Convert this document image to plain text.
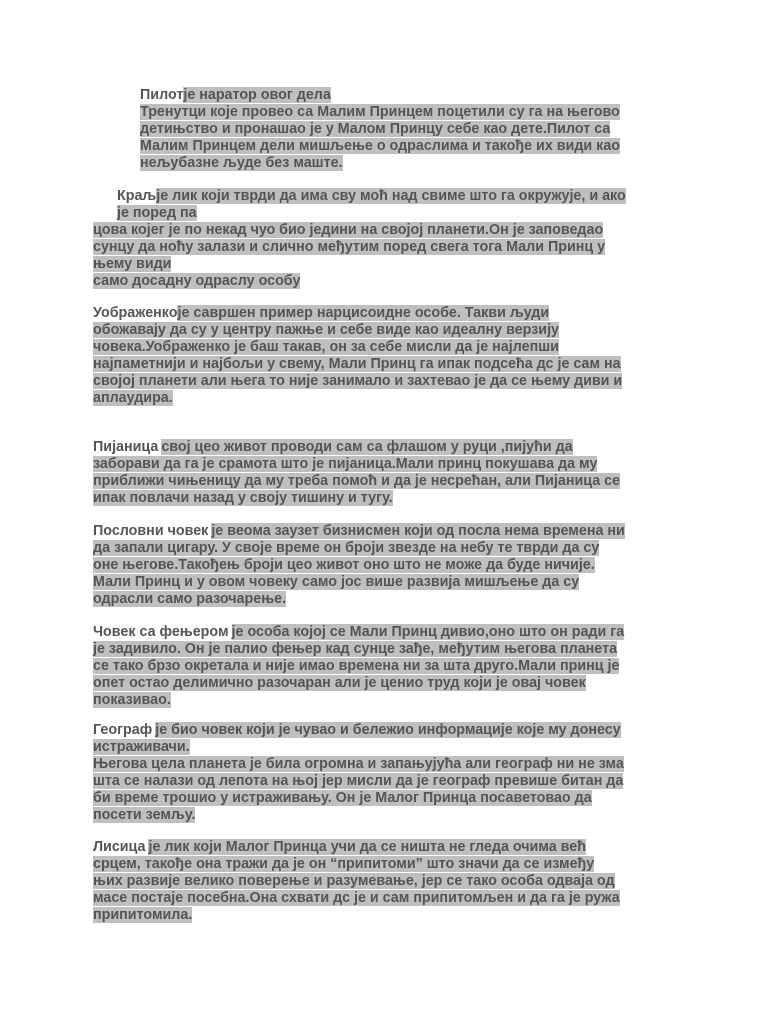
Пилотје наратор овог дела
Тренутци које провео са Малим Принцем поцетили су га на његово
детињство и пронашао је у Малом Принцу себе као дете.Пилот са
Малим Принцем дели мишљење о одраслима и такође их види као
нељубазне људе без маште.

Краљје лик који тврди да има сву моћ над свиме што га окружује, и ако
је поред па
цова којег је по некад чуо био једини на својој планети.Он је заповедао
сунцу да ноћу залази и слично међутим поред свега тога Мали Принц у
њему види
само досадну одраслу особу

Уображенкоје савршен пример нарцисоидне особе. Такви људи
обожавају да су у центру пажње и себе виде као идеалну верзију
човека.Уображенко је баш такав, он за себе мисли да је најлепши
најпаметнији и најбољи у свему, Мали Принц га ипак подсећа дс је сам на
својој планети али њега то није занимало и захтевао је да се њему диви и
аплаудира.

Пијаница свој цео живот проводи сам са флашом у руци ,пијући да
заборави да га је срамота што је пијаница.Мали принц покушава да му
приближи чињеницу да му треба помоћ и да је несрећан, али Пијаница се
ипак повлачи назад у своју тишину и тугу.

Пословни човек је веома заузет бизнисмен који од посла нема времена ни
да запали цигару. У своје време он броји звезде на небу те тврди да су
оне његове.Такођењ броји цео живот оно што не може да буде ничије.
Мали Принц и у овом човеку само јос више развија мишљење да су
одрасли само разочарење.

Човек са фењером је особа којој се Мали Принц дивио,оно што он ради га
је задивило. Он је палио фењер кад сунце зађе, међутим његова планета
се тако брзо окретала и није имао времена ни за шта друго.Мали принц је
опет остао делимично разочаран али је ценио труд који је овај човек
показивао.

Географ је био човек који је чувао и бележио информације које му донесу
истраживачи.
Његова цела планета је била огромна и запањујућа али географ ни не зма
шта се налази од лепота на њој јер мисли да је географ превише битан да
би време трошио у истраживању. Он је Малог Принца посаветовао да
посети земљу.

Лисица је лик који Малог Принца учи да се ништа не гледа очима већ
срцем, такође она тражи да је он “припитоми” што значи да се између
њих развије велико поверење и разумевање, јер се тако особа одваја од
масе постаје посебна.Она схвати дс је и сам припитомљен и да га је ружа
припитомила.
